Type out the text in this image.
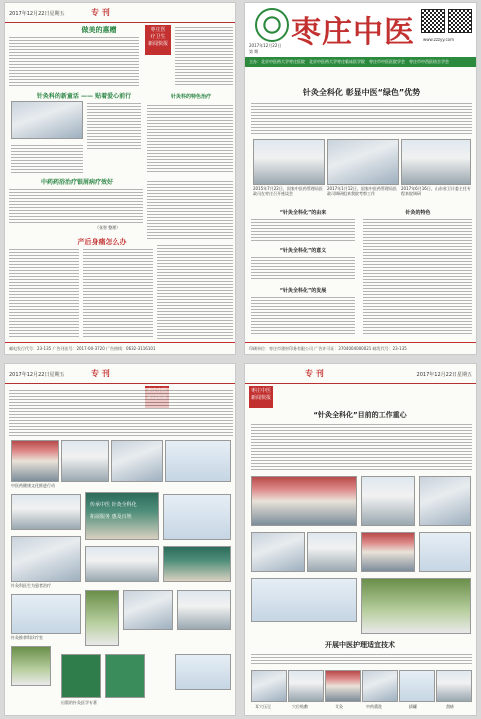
2017年12月22日星期五	专 刊
枣庄医
疗卫生
新闻快报
做美的惠赠
针灸科的新童话 —— 贴着爱心前行	针灸科的特色治疗
中药药浴治疗银屑病疗效好
（张智 整理）
产后身痛怎么办
邮电发行代号：23-135 广告刊出号：2017-00-3720 广告热线：0632-3116101
枣庄中医
2017年12月22日
第 期
www.zzzyy.com
主办：北京中医药大学枣庄医院　北京中医药大学枣庄临床医学院　枣庄市中医医院学会　枣庄市中西医结合学会
针灸全科化 彰显中医“绿色”优势
2015年7月22日，国家中医药管理局医政司在枣庄召开座谈会
2017年1月12日，国家中医药管理局医政司调研组来我院考察工作
2017年6月16日，山东省卫计委主任专程来院调研
“针灸全科化”的由来
“针灸全科化”的意义
“针灸全科化”的发展
针灸的特色
印刷单位：枣庄市建材印务有限公司 广告许可证：3704004000021 邮发代号：23-135
2017年12月22日星期五	专 刊
中医药健康文化推进行动
传承中医 针灸全科化
拓展服务 惠及百姓
针灸科医生为患者治疗
针灸推拿科诊疗室
出版的针灸医学专著
专 刊	2017年12月22日星期五
枣庄中医
新闻快报
“针灸全科化”目前的工作重心
开展中医护理适宜技术
耳穴压豆	穴位贴敷	艾灸	中药熏洗	拔罐	刮痧
